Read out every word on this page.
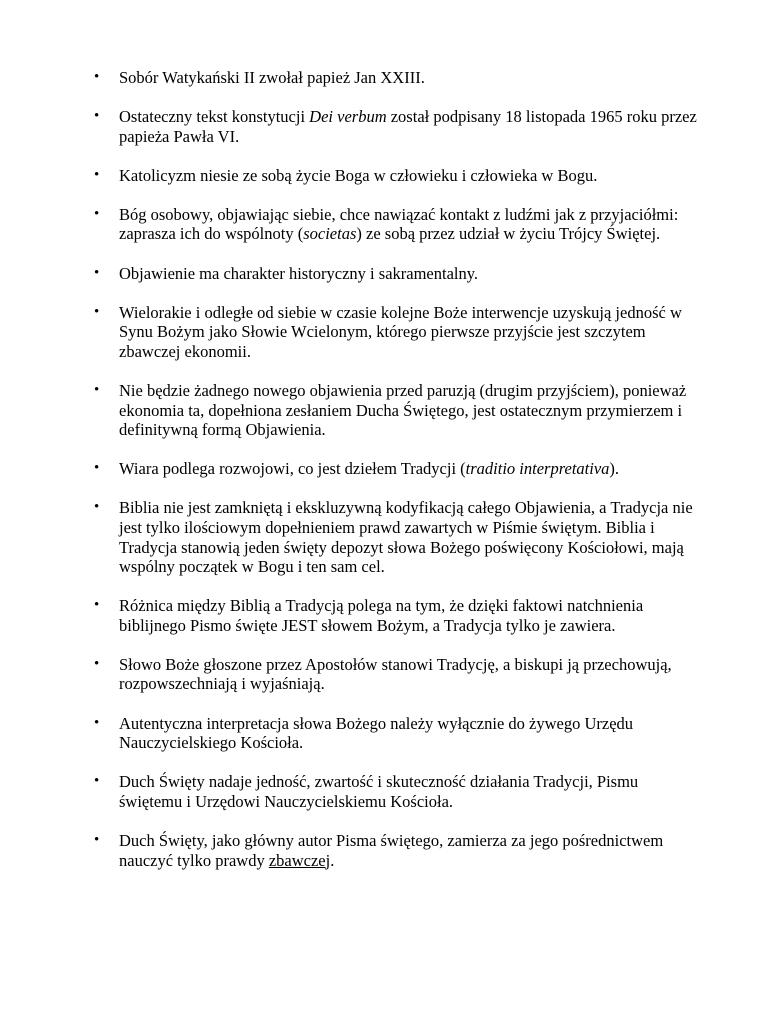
•	Sobór Watykański II zwołał papież Jan XXIII.
•	Ostateczny tekst konstytucji Dei verbum został podpisany 18 listopada 1965 roku przez papieża Pawła VI.
•	Katolicyzm niesie ze sobą życie Boga w człowieku i człowieka w Bogu.
•	Bóg osobowy, objawiając siebie, chce nawiązać kontakt z ludźmi jak z przyjaciółmi: zaprasza ich do wspólnoty (societas) ze sobą przez udział w życiu Trójcy Świętej.
•	Objawienie ma charakter historyczny i sakramentalny.
•	Wielorakie i odległe od siebie w czasie kolejne Boże interwencje uzyskują jedność w Synu Bożym jako Słowie Wcielonym, którego pierwsze przyjście jest szczytem zbawczej ekonomii.
•	Nie będzie żadnego nowego objawienia przed paruzją (drugim przyjściem), ponieważ ekonomia ta, dopełniona zesłaniem Ducha Świętego, jest ostatecznym przymierzem i definitywną formą Objawienia.
•	Wiara podlega rozwojowi, co jest dziełem Tradycji (traditio interpretativa).
•	Biblia nie jest zamkniętą i ekskluzywną kodyfikacją całego Objawienia, a Tradycja nie jest tylko ilościowym dopełnieniem prawd zawartych w Piśmie świętym. Biblia i Tradycja stanowią jeden święty depozyt słowa Bożego poświęcony Kościołowi, mają wspólny początek w Bogu i ten sam cel.
•	Różnica między Biblią a Tradycją polega na tym, że dzięki faktowi natchnienia biblijnego Pismo święte JEST słowem Bożym, a Tradycja tylko je zawiera.
•	Słowo Boże głoszone przez Apostołów stanowi Tradycję, a biskupi ją przechowują, rozpowszechniają i wyjaśniają.
•	Autentyczna interpretacja słowa Bożego należy wyłącznie do żywego Urzędu Nauczycielskiego Kościoła.
•	Duch Święty nadaje jedność, zwartość i skuteczność działania Tradycji, Pismu świętemu i Urzędowi Nauczycielskiemu Kościoła.
•	Duch Święty, jako główny autor Pisma świętego, zamierza za jego pośrednictwem nauczyć tylko prawdy zbawczej.
